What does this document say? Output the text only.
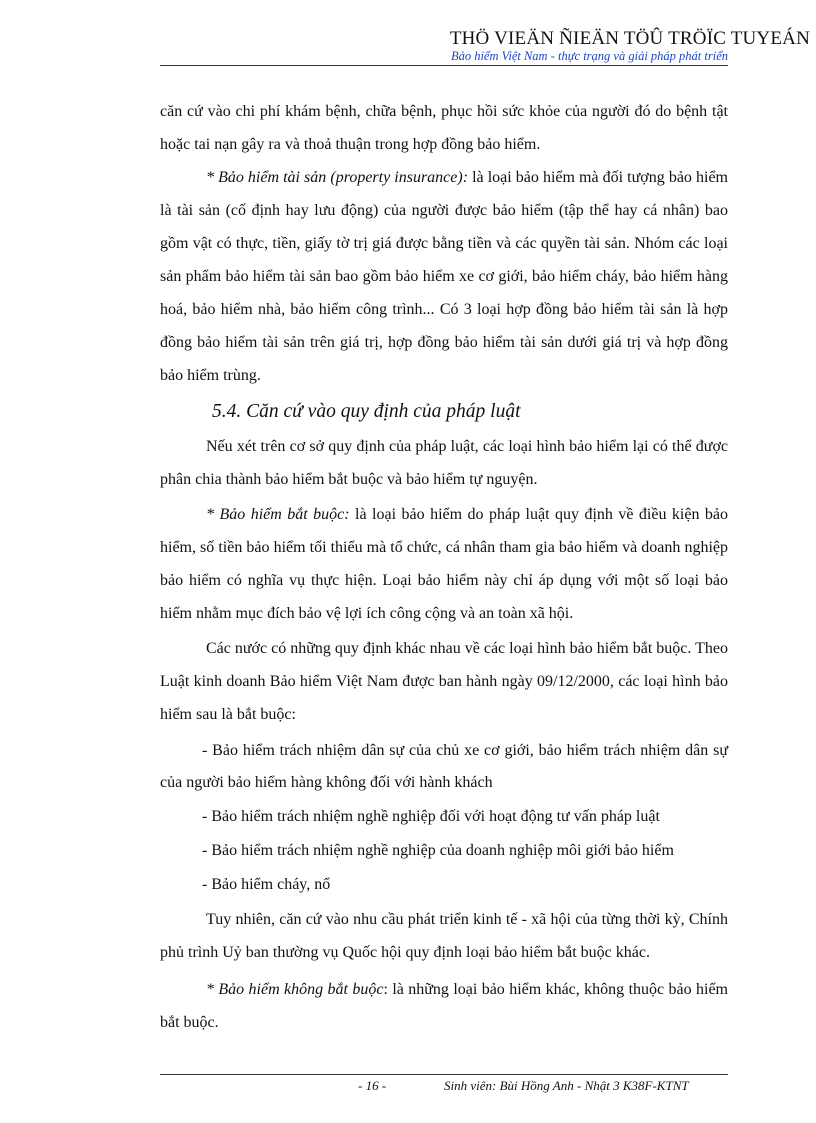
THÖ VIEÄN ÑIEÄN TÖÛ TRÖÏC TUYEÁN
Bảo hiểm Việt Nam - thực trạng và giải pháp phát triển

căn cứ vào chi phí khám bệnh, chữa bệnh, phục hồi sức khỏe của người đó do bệnh tật hoặc tai nạn gây ra và thoả thuận trong hợp đồng bảo hiểm.

* Bảo hiểm tài sản (property insurance): là loại bảo hiểm mà đối tượng bảo hiểm là tài sản (cố định hay lưu động) của người được bảo hiểm (tập thể hay cá nhân) bao gồm vật có thực, tiền, giấy tờ trị giá được bằng tiền và các quyền tài sản. Nhóm các loại sản phẩm bảo hiểm tài sản bao gồm bảo hiểm xe cơ giới, bảo hiểm cháy, bảo hiểm hàng hoá, bảo hiểm nhà, bảo hiểm công trình... Có 3 loại hợp đồng bảo hiểm tài sản là hợp đồng bảo hiểm tài sản trên giá trị, hợp đồng bảo hiểm tài sản dưới giá trị và hợp đồng bảo hiểm trùng.

5.4. Căn cứ vào quy định của pháp luật

Nếu xét trên cơ sở quy định của pháp luật, các loại hình bảo hiểm lại có thể được phân chia thành bảo hiểm bắt buộc và bảo hiểm tự nguyện.

* Bảo hiểm bắt buộc: là loại bảo hiểm do pháp luật quy định về điều kiện bảo hiểm, số tiền bảo hiểm tối thiểu mà tổ chức, cá nhân tham gia bảo hiểm và doanh nghiệp bảo hiểm có nghĩa vụ thực hiện. Loại bảo hiểm này chỉ áp dụng với một số loại bảo hiểm nhằm mục đích bảo vệ lợi ích công cộng và an toàn xã hội.

Các nước có những quy định khác nhau về các loại hình bảo hiểm bắt buộc. Theo Luật kinh doanh Bảo hiểm Việt Nam được ban hành ngày 09/12/2000, các loại hình bảo hiểm sau là bắt buộc:

- Bảo hiểm trách nhiệm dân sự của chủ xe cơ giới, bảo hiểm trách nhiệm dân sự của người bảo hiểm hàng không đối với hành khách

- Bảo hiểm trách nhiệm nghề nghiệp đối với hoạt động tư vấn pháp luật

- Bảo hiểm trách nhiệm nghề nghiệp của doanh nghiệp môi giới bảo hiểm

- Bảo hiểm cháy, nổ

Tuy nhiên, căn cứ vào nhu cầu phát triển kinh tế - xã hội của từng thời kỳ, Chính phủ trình Uỷ ban thường vụ Quốc hội quy định loại bảo hiểm bắt buộc khác.

* Bảo hiểm không bắt buộc: là những loại bảo hiểm khác, không thuộc bảo hiểm bắt buộc.

- 16 -	Sinh viên: Bùi Hồng Anh - Nhật 3 K38F-KTNT
